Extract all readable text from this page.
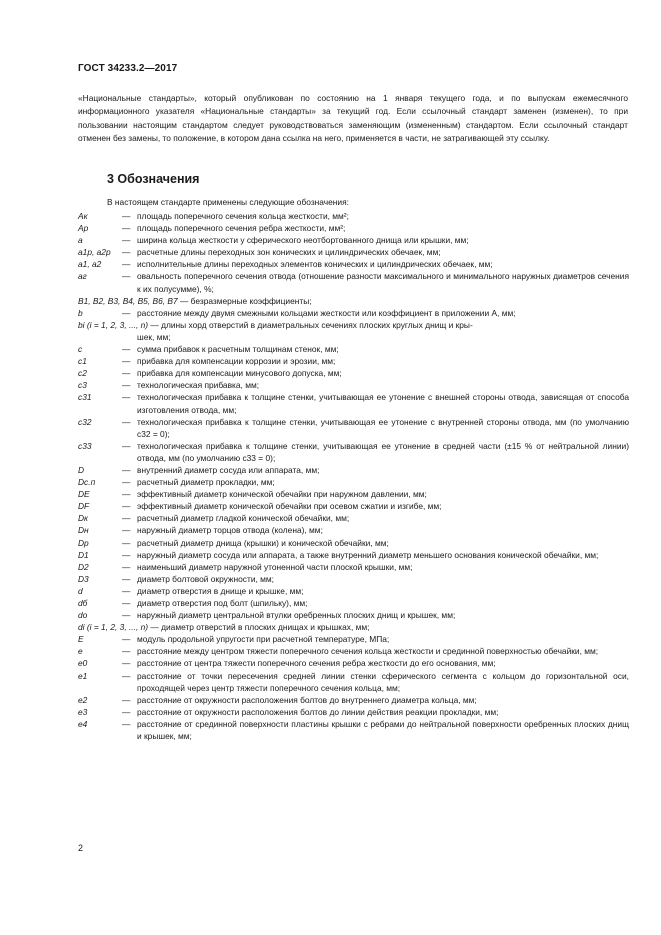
ГОСТ 34233.2—2017
«Национальные стандарты», который опубликован по состоянию на 1 января текущего года, и по выпускам ежемесячного информационного указателя «Национальные стандарты» за текущий год. Если ссылочный стандарт заменен (изменен), то при пользовании настоящим стандартом следует руководствоваться заменяющим (измененным) стандартом. Если ссылочный стандарт отменен без замены, то положение, в котором дана ссылка на него, применяется в части, не затрагивающей эту ссылку.
3 Обозначения
В настоящем стандарте применены следующие обозначения:
Aк	— площадь поперечного сечения кольца жесткости, мм²;
Aр	— площадь поперечного сечения ребра жесткости, мм²;
a	— ширина кольца жесткости у сферического неотбортованного днища или крышки, мм;
a1р, a2р	— расчетные длины переходных зон конических и цилиндрических обечаек, мм;
a1, a2	— исполнительные длины переходных элементов конических и цилиндрических обечаек, мм;
aг	— овальность поперечного сечения отвода (отношение разности максимального и минимального наружных диаметров сечения к их полусумме), %;
B1, B2, B3, B4, B5, B6, B7 — безразмерные коэффициенты;
b	— расстояние между двумя смежными кольцами жесткости или коэффициент в приложении А, мм;
bi (i = 1, 2, 3, ..., n) — длины хорд отверстий в диаметральных сечениях плоских круглых днищ и кры-
шек, мм;
c	— сумма прибавок к расчетным толщинам стенок, мм;
c1	— прибавка для компенсации коррозии и эрозии, мм;
c2	— прибавка для компенсации минусового допуска, мм;
c3	— технологическая прибавка, мм;
c31	— технологическая прибавка к толщине стенки, учитывающая ее утонение с внешней стороны отвода, зависящая от способа изготовления отвода, мм;
c32	— технологическая прибавка к толщине стенки, учитывающая ее утонение с внутренней стороны отвода, мм (по умолчанию c32 = 0);
c33	— технологическая прибавка к толщине стенки, учитывающая ее утонение в средней части (±15 % от нейтральной линии) отвода, мм (по умолчанию c33 = 0);
D	— внутренний диаметр сосуда или аппарата, мм;
Dс.п	— расчетный диаметр прокладки, мм;
DE	— эффективный диаметр конической обечайки при наружном давлении, мм;
DF	— эффективный диаметр конической обечайки при осевом сжатии и изгибе, мм;
Dк	— расчетный диаметр гладкой конической обечайки, мм;
Dн	— наружный диаметр торцов отвода (колена), мм;
Dр	— расчетный диаметр днища (крышки) и конической обечайки, мм;
D1	— наружный диаметр сосуда или аппарата, а также внутренний диаметр меньшего основания конической обечайки, мм;
D2	— наименьший диаметр наружной утоненной части плоской крышки, мм;
D3	— диаметр болтовой окружности, мм;
d	— диаметр отверстия в днище и крышке, мм;
dб	— диаметр отверстия под болт (шпильку), мм;
dо	— наружный диаметр центральной втулки оребренных плоских днищ и крышек, мм;
di (i = 1, 2, 3, ..., n) — диаметр отверстий в плоских днищах и крышках, мм;
E	— модуль продольной упругости при расчетной температуре, МПа;
e	— расстояние между центром тяжести поперечного сечения кольца жесткости и срединной поверхностью обечайки, мм;
e0	— расстояние от центра тяжести поперечного сечения ребра жесткости до его основания, мм;
e1	— расстояние от точки пересечения средней линии стенки сферического сегмента с кольцом до горизонтальной оси, проходящей через центр тяжести поперечного сечения кольца, мм;
e2	— расстояние от окружности расположения болтов до внутреннего диаметра кольца, мм;
e3	— расстояние от окружности расположения болтов до линии действия реакции прокладки, мм;
e4	— расстояние от срединной поверхности пластины крышки с ребрами до нейтральной поверхности оребренных плоских днищ и крышек, мм;
2
